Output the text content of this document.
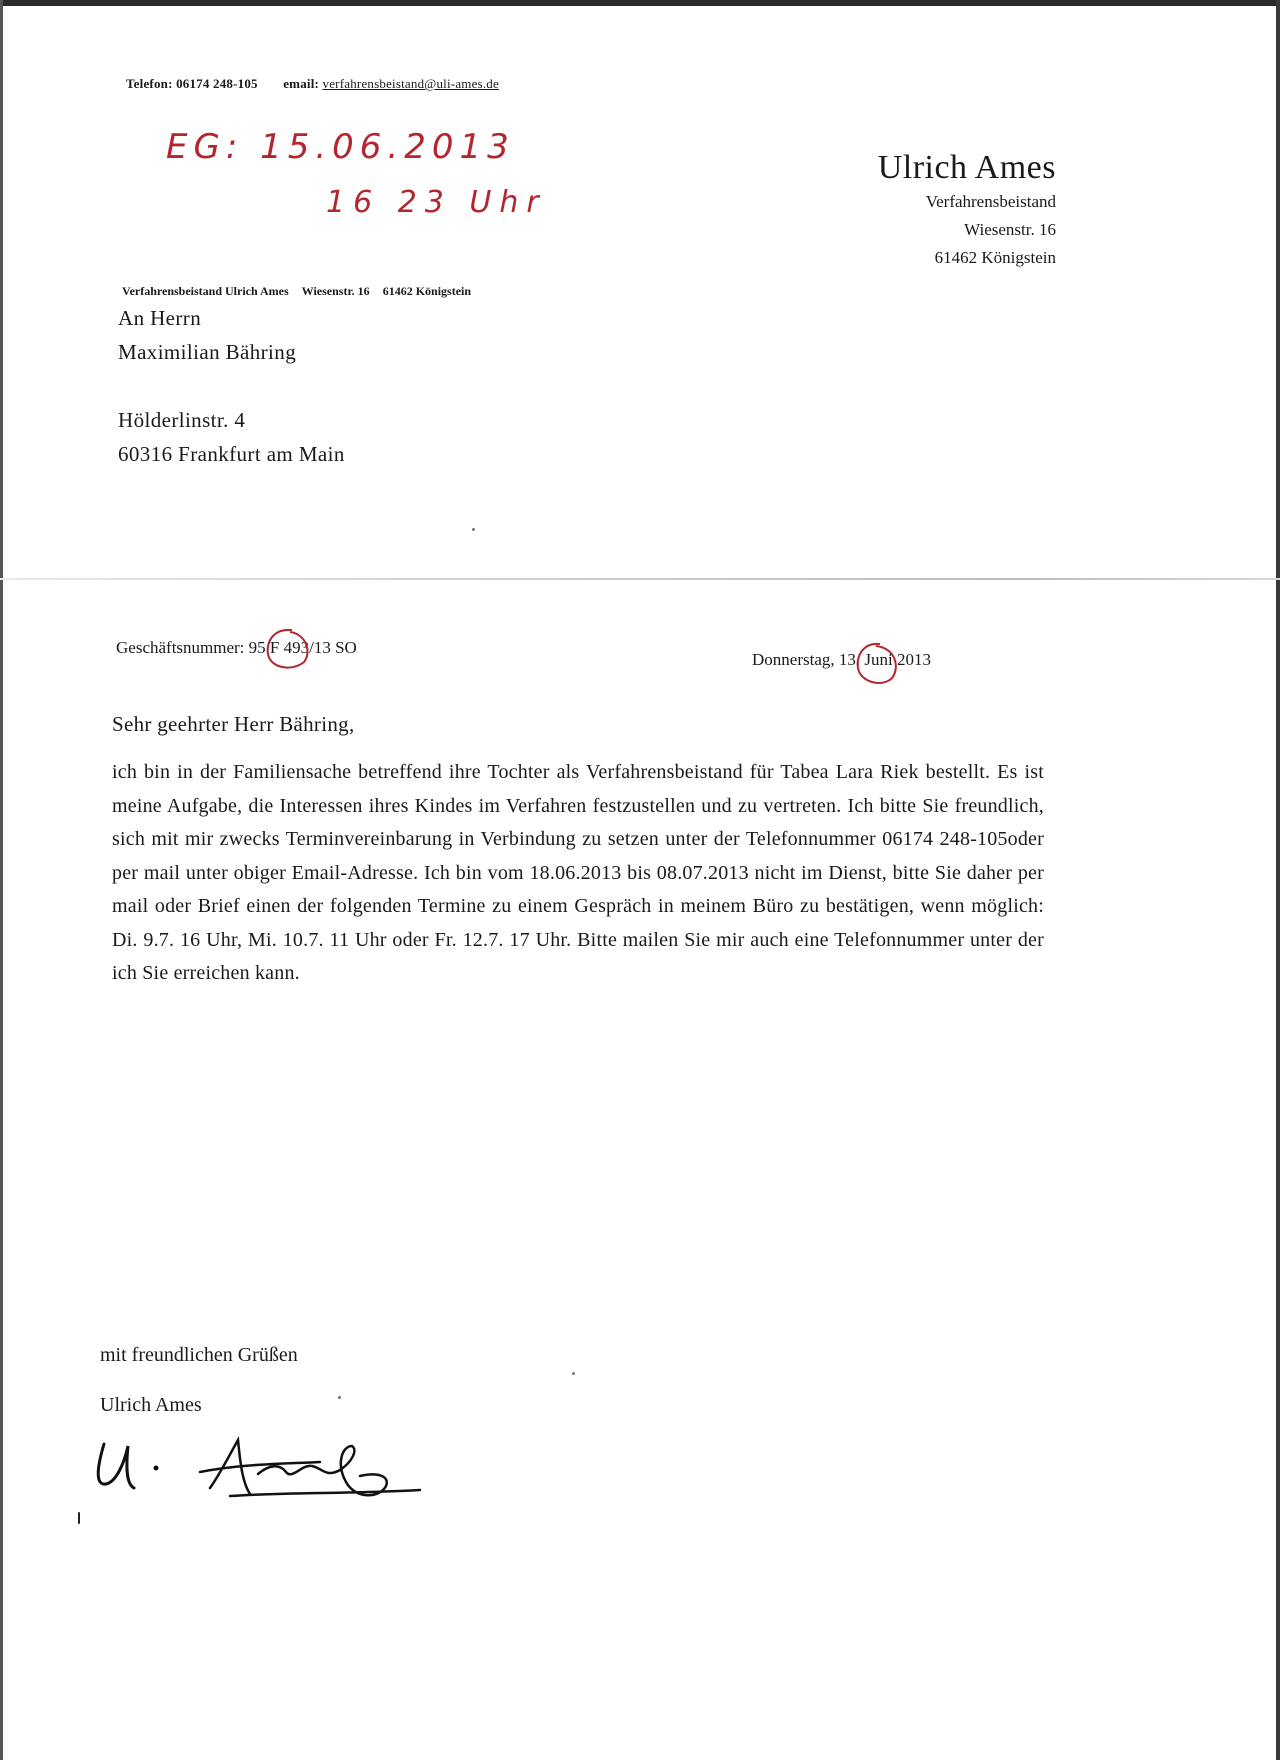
Telefon: 06174 248-105 email: verfahrensbeistand@uli-ames.de
EG: 15.06.2013
16 23 Uhr
Ulrich Ames
Verfahrensbeistand
Wiesenstr. 16
61462 Königstein
Verfahrensbeistand Ulrich Ames Wiesenstr. 16 61462 Königstein
An Herrn
Maximilian Bähring
Hölderlinstr. 4
60316 Frankfurt am Main
Geschäftsnummer: 95 F 493/13 SO
Donnerstag, 13. Juni 2013
Sehr geehrter Herr Bähring,
ich bin in der Familiensache betreffend ihre Tochter als Verfahrensbeistand für Tabea Lara Riek bestellt. Es ist meine Aufgabe, die Interessen ihres Kindes im Verfahren festzustellen und zu vertreten. Ich bitte Sie freundlich, sich mit mir zwecks Terminvereinbarung in Verbindung zu setzen unter der Telefonnummer 06174 248-105oder per mail unter obiger Email-Adresse. Ich bin vom 18.06.2013 bis 08.07.2013 nicht im Dienst, bitte Sie daher per mail oder Brief einen der folgenden Termine zu einem Gespräch in meinem Büro zu bestätigen, wenn möglich: Di. 9.7. 16 Uhr, Mi. 10.7. 11 Uhr oder Fr. 12.7. 17 Uhr. Bitte mailen Sie mir auch eine Telefonnummer unter der ich Sie erreichen kann.
mit freundlichen Grüßen
Ulrich Ames
